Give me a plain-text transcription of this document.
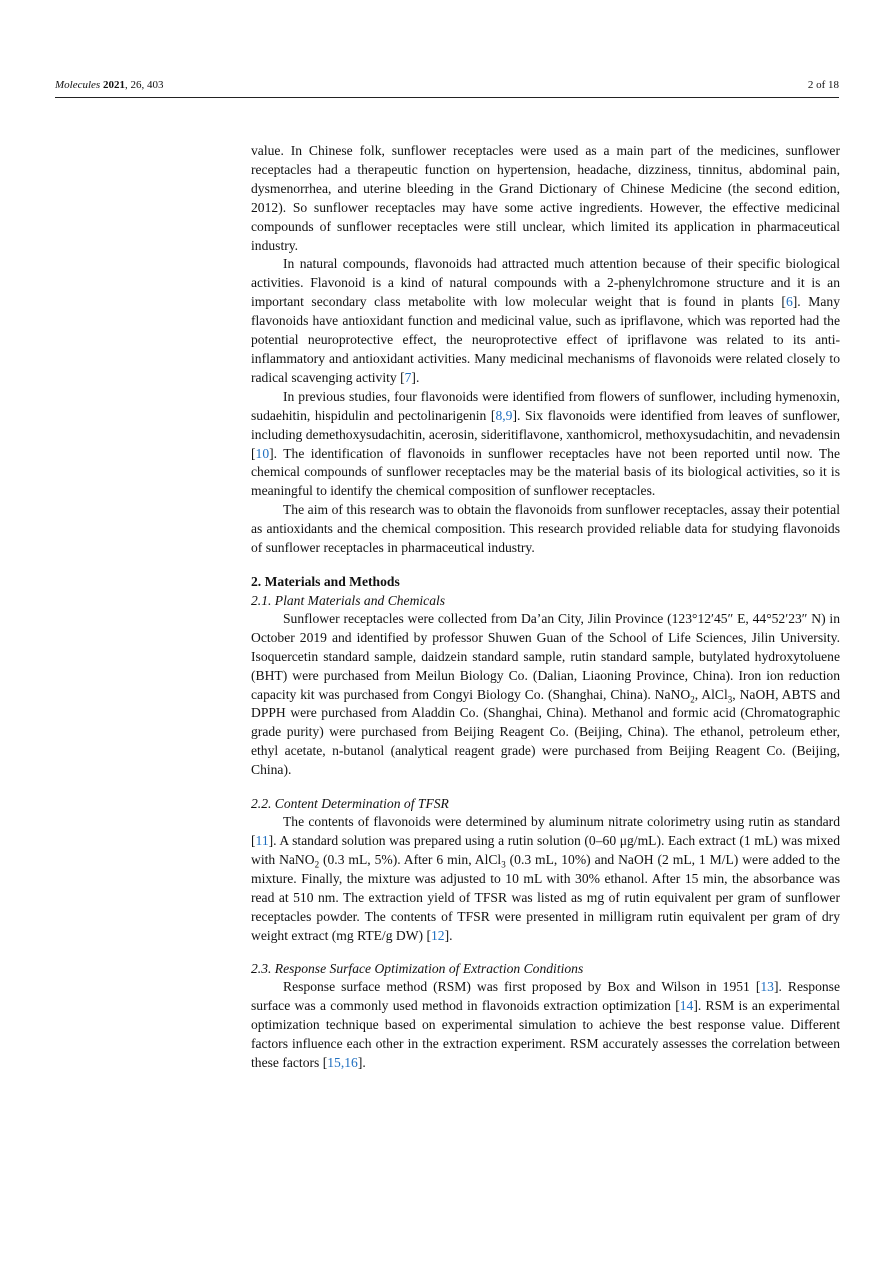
Molecules 2021, 26, 403	2 of 18

value. In Chinese folk, sunflower receptacles were used as a main part of the medicines, sunflower receptacles had a therapeutic function on hypertension, headache, dizziness, tinnitus, abdominal pain, dysmenorrhea, and uterine bleeding in the Grand Dictionary of Chinese Medicine (the second edition, 2012). So sunflower receptacles may have some active ingredients. However, the effective medicinal compounds of sunflower receptacles were still unclear, which limited its application in pharmaceutical industry.

In natural compounds, flavonoids had attracted much attention because of their specific biological activities. Flavonoid is a kind of natural compounds with a 2-phenylchromone structure and it is an important secondary class metabolite with low molecular weight that is found in plants [6]. Many flavonoids have antioxidant function and medicinal value, such as ipriflavone, which was reported had the potential neuroprotective effect, the neuroprotective effect of ipriflavone was related to its anti-inflammatory and antioxidant activities. Many medicinal mechanisms of flavonoids were related closely to radical scavenging activity [7].

In previous studies, four flavonoids were identified from flowers of sunflower, including hymenoxin, sudaehitin, hispidulin and pectolinarigenin [8,9]. Six flavonoids were identified from leaves of sunflower, including demethoxysudachitin, acerosin, sideritiflavone, xanthomicrol, methoxysudachitin, and nevadensin [10]. The identification of flavonoids in sunflower receptacles have not been reported until now. The chemical compounds of sunflower receptacles may be the material basis of its biological activities, so it is meaningful to identify the chemical composition of sunflower receptacles.

The aim of this research was to obtain the flavonoids from sunflower receptacles, assay their potential as antioxidants and the chemical composition. This research provided reliable data for studying flavonoids of sunflower receptacles in pharmaceutical industry.

2. Materials and Methods
2.1. Plant Materials and Chemicals

Sunflower receptacles were collected from Da’an City, Jilin Province (123°12′45″ E, 44°52′23″ N) in October 2019 and identified by professor Shuwen Guan of the School of Life Sciences, Jilin University. Isoquercetin standard sample, daidzein standard sample, rutin standard sample, butylated hydroxytoluene (BHT) were purchased from Meilun Biology Co. (Dalian, Liaoning Province, China). Iron ion reduction capacity kit was purchased from Congyi Biology Co. (Shanghai, China). NaNO$_2$, AlCl$_3$, NaOH, ABTS and DPPH were purchased from Aladdin Co. (Shanghai, China). Methanol and formic acid (Chromatographic grade purity) were purchased from Beijing Reagent Co. (Beijing, China). The ethanol, petroleum ether, ethyl acetate, n-butanol (analytical reagent grade) were purchased from Beijing Reagent Co. (Beijing, China).

2.2. Content Determination of TFSR

The contents of flavonoids were determined by aluminum nitrate colorimetry using rutin as standard [11]. A standard solution was prepared using a rutin solution (0–60 μg/mL). Each extract (1 mL) was mixed with NaNO$_2$ (0.3 mL, 5%). After 6 min, AlCl$_3$ (0.3 mL, 10%) and NaOH (2 mL, 1 M/L) were added to the mixture. Finally, the mixture was adjusted to 10 mL with 30% ethanol. After 15 min, the absorbance was read at 510 nm. The extraction yield of TFSR was listed as mg of rutin equivalent per gram of sunflower receptacles powder. The contents of TFSR were presented in milligram rutin equivalent per gram of dry weight extract (mg RTE/g DW) [12].

2.3. Response Surface Optimization of Extraction Conditions

Response surface method (RSM) was first proposed by Box and Wilson in 1951 [13]. Response surface was a commonly used method in flavonoids extraction optimization [14]. RSM is an experimental optimization technique based on experimental simulation to achieve the best response value. Different factors influence each other in the extraction experiment. RSM accurately assesses the correlation between these factors [15,16].
